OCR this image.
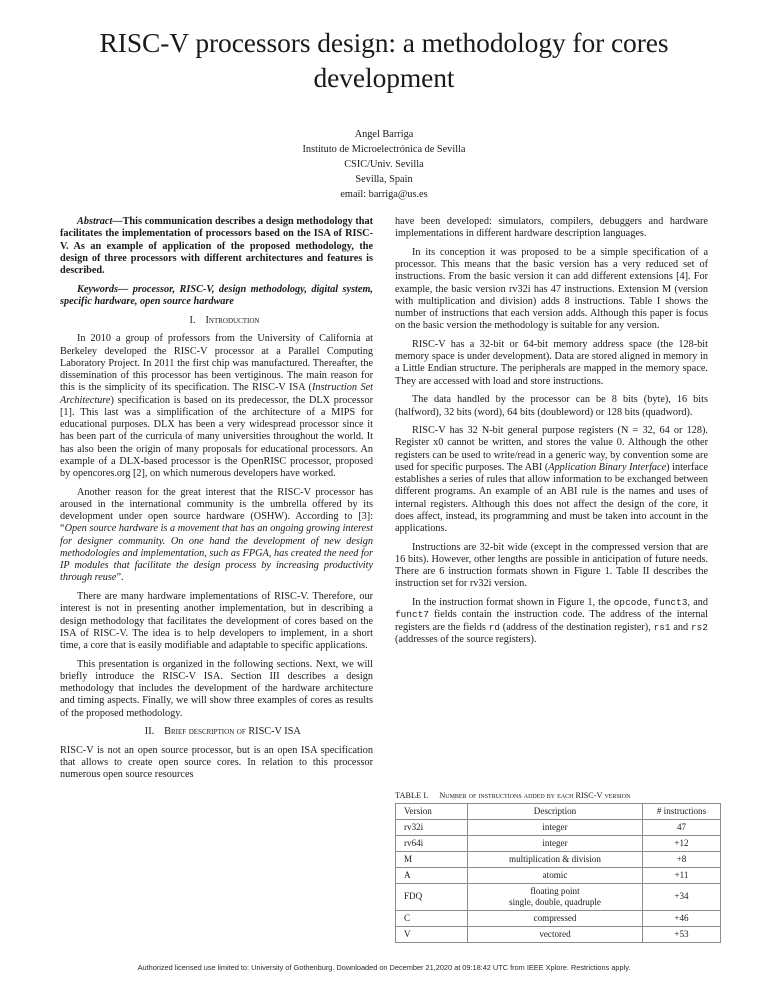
RISC-V processors design: a methodology for cores development
Angel Barriga
Instituto de Microelectrónica de Sevilla
CSIC/Univ. Sevilla
Sevilla, Spain
email: barriga@us.es

Abstract—This communication describes a design methodology that facilitates the implementation of processors based on the ISA of RISC-V. As an example of application of the proposed methodology, the design of three processors with different architectures and features is described.

Keywords— processor, RISC-V, design methodology, digital system, specific hardware, open source hardware

I. Introduction

In 2010 a group of professors from the University of California at Berkeley developed the RISC-V processor at a Parallel Computing Laboratory Project. In 2011 the first chip was manufactured. Thereafter, the dissemination of this processor has been vertiginous. The main reason for this is the simplicity of its specification. The RISC-V ISA (Instruction Set Architecture) specification is based on its predecessor, the DLX processor [1]. This last was a simplification of the architecture of a MIPS for educational purposes. DLX has been a very widespread processor since it has been part of the curricula of many universities throughout the world. It has also been the origin of many proposals for educational processors. An example of a DLX-based processor is the OpenRISC processor, proposed by opencores.org [2], on which numerous developers have worked.

Another reason for the great interest that the RISC-V processor has aroused in the international community is the umbrella offered by its development under open source hardware (OSHW). According to [3]: “Open source hardware is a movement that has an ongoing growing interest for designer community. On one hand the development of new design methodologies and implementation, such as FPGA, has created the need for IP modules that facilitate the design process by increasing productivity through reuse”.

There are many hardware implementations of RISC-V. Therefore, our interest is not in presenting another implementation, but in describing a design methodology that facilitates the development of cores based on the ISA of RISC-V. The idea is to help developers to implement, in a short time, a core that is easily modifiable and adaptable to specific applications.

This presentation is organized in the following sections. Next, we will briefly introduce the RISC-V ISA. Section III describes a design methodology that includes the development of the hardware architecture and timing aspects. Finally, we will show three examples of cores as results of the proposed methodology.

II. Brief description of RISC-V ISA

RISC-V is not an open source processor, but is an open ISA specification that allows to create open source cores. In relation to this processor numerous open source resources

have been developed: simulators, compilers, debuggers and hardware implementations in different hardware description languages.

In its conception it was proposed to be a simple specification of a processor. This means that the basic version has a very reduced set of instructions. From the basic version it can add different extensions [4]. For example, the basic version rv32i has 47 instructions. Extension M (version with multiplication and division) adds 8 instructions. Table I shows the number of instructions that each version adds. Although this paper is focus on the basic version the methodology is suitable for any version.

RISC-V has a 32-bit or 64-bit memory address space (the 128-bit memory space is under development). Data are stored aligned in memory in a Little Endian structure. The peripherals are mapped in the memory space. They are accessed with load and store instructions.

The data handled by the processor can be 8 bits (byte), 16 bits (halfword), 32 bits (word), 64 bits (doubleword) or 128 bits (quadword).

RISC-V has 32 N-bit general purpose registers (N = 32, 64 or 128). Register x0 cannot be written, and stores the value 0. Although the other registers can be used to write/read in a generic way, by convention some are used for specific purposes. The ABI (Application Binary Interface) interface establishes a series of rules that allow information to be exchanged between different programs. An example of an ABI rule is the names and uses of internal registers. Although this does not affect the design of the core, it does affect, instead, its programming and must be taken into account in the applications.

Instructions are 32-bit wide (except in the compressed version that are 16 bits). However, other lengths are possible in anticipation of future needs. There are 6 instruction formats shown in Figure 1. Table II describes the instruction set for rv32i version.

In the instruction format shown in Figure 1, the opcode, funct3, and funct7 fields contain the instruction code. The address of the internal registers are the fields rd (address of the destination register), rs1 and rs2 (addresses of the source registers).

TABLE I. Number of instructions added by each RISC-V version
Version	Description	# instructions
rv32i	integer	47
rv64i	integer	+12
M	multiplication & division	+8
A	atomic	+11
FDQ	floating point
single, double, quadruple	+34
C	compressed	+46
V	vectored	+53
Authorized licensed use limited to: University of Gothenburg. Downloaded on December 21,2020 at 09:18:42 UTC from IEEE Xplore. Restrictions apply.
